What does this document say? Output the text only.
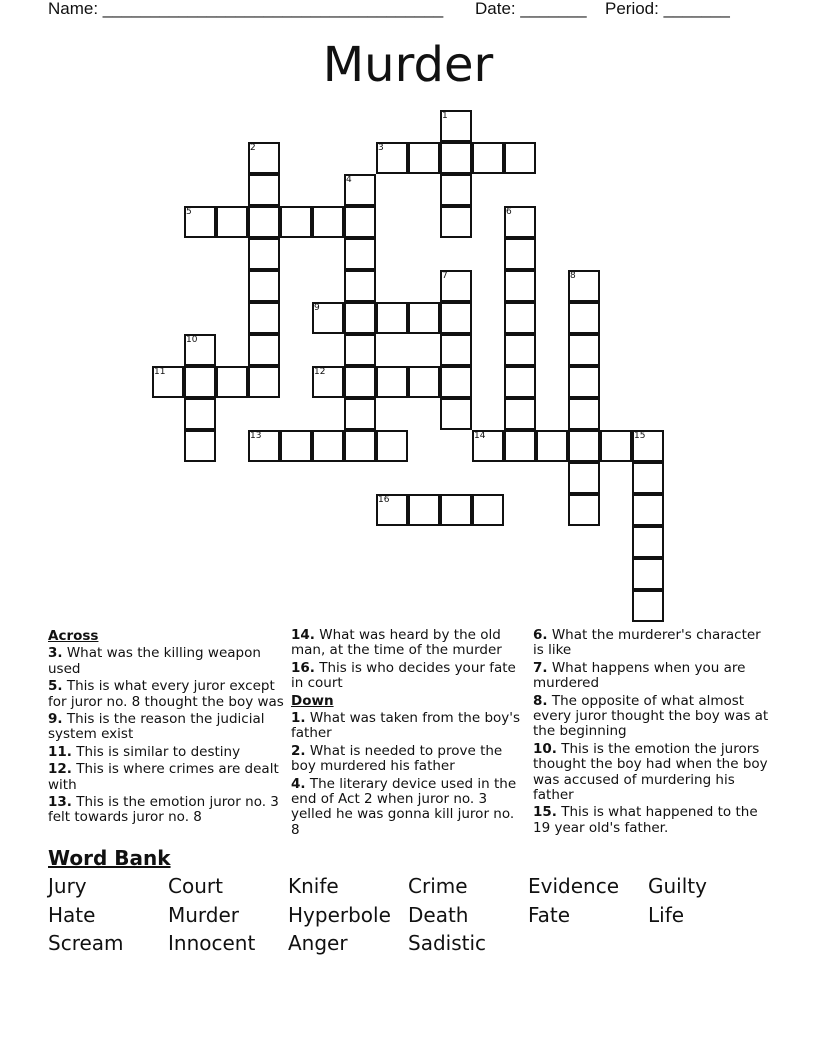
Name: ____________________________________

Date: _______

Period: _______

Murder
1
2	3
4
5	6
7	8
9
10
11	12
13	14	15
16
Across
3. What was the killing weapon used
5. This is what every juror except for juror no. 8 thought the boy was
9. This is the reason the judicial system exist
11. This is similar to destiny
12. This is where crimes are dealt with
13. This is the emotion juror no. 3 felt towards juror no. 8
14. What was heard by the old man, at the time of the murder
16. This is who decides your fate in court
Down
1. What was taken from the boy's father
2. What is needed to prove the boy murdered his father
4. The literary device used in the end of Act 2 when juror no. 3 yelled he was gonna kill juror no. 8
6. What the murderer's character is like
7. What happens when you are murdered
8. The opposite of what almost every juror thought the boy was at the beginning
10. This is the emotion the jurors thought the boy had when the boy was accused of murdering his father
15. This is what happened to the 19 year old's father.
Word Bank
Jury	Court	Knife	Crime	Evidence	Guilty
Hate	Murder	Hyperbole Death	Fate	Life
Scream	Innocent	Anger	Sadistic
